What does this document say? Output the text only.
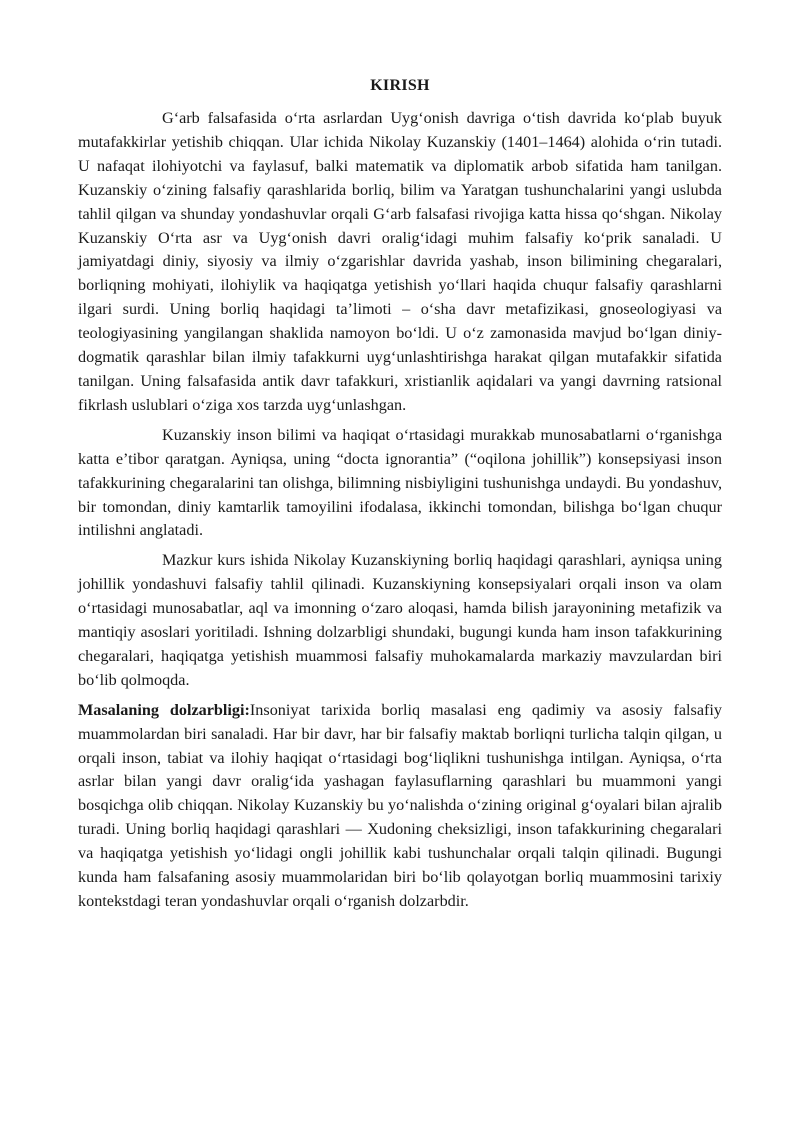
KIRISH

G‘arb falsafasida o‘rta asrlardan Uyg‘onish davriga o‘tish davrida ko‘plab buyuk mutafakkirlar yetishib chiqqan. Ular ichida Nikolay Kuzanskiy (1401–1464) alohida o‘rin tutadi. U nafaqat ilohiyotchi va faylasuf, balki matematik va diplomatik arbob sifatida ham tanilgan. Kuzanskiy o‘zining falsafiy qarashlarida borliq, bilim va Yaratgan tushunchalarini yangi uslubda tahlil qilgan va shunday yondashuvlar orqali G‘arb falsafasi rivojiga katta hissa qo‘shgan. Nikolay Kuzanskiy O‘rta asr va Uyg‘onish davri oralig‘idagi muhim falsafiy ko‘prik sanaladi. U jamiyatdagi diniy, siyosiy va ilmiy o‘zgarishlar davrida yashab, inson bilimining chegaralari, borliqning mohiyati, ilohiylik va haqiqatga yetishish yo‘llari haqida chuqur falsafiy qarashlarni ilgari surdi. Uning borliq haqidagi ta’limoti – o‘sha davr metafizikasi, gnoseologiyasi va teologiyasining yangilangan shaklida namoyon bo‘ldi. U o‘z zamonasida mavjud bo‘lgan diniy-dogmatik qarashlar bilan ilmiy tafakkurni uyg‘unlashtirishga harakat qilgan mutafakkir sifatida tanilgan. Uning falsafasida antik davr tafakkuri, xristianlik aqidalari va yangi davrning ratsional fikrlash uslublari o‘ziga xos tarzda uyg‘unlashgan.

Kuzanskiy inson bilimi va haqiqat o‘rtasidagi murakkab munosabatlarni o‘rganishga katta e’tibor qaratgan. Ayniqsa, uning “docta ignorantia” (“oqilona johillik”) konsepsiyasi inson tafakkurining chegaralarini tan olishga, bilimning nisbiyligini tushunishga undaydi. Bu yondashuv, bir tomondan, diniy kamtarlik tamoyilini ifodalasa, ikkinchi tomondan, bilishga bo‘lgan chuqur intilishni anglatadi.

Mazkur kurs ishida Nikolay Kuzanskiyning borliq haqidagi qarashlari, ayniqsa uning johillik yondashuvi falsafiy tahlil qilinadi. Kuzanskiyning konsepsiyalari orqali inson va olam o‘rtasidagi munosabatlar, aql va imonning o‘zaro aloqasi, hamda bilish jarayonining metafizik va mantiqiy asoslari yoritiladi. Ishning dolzarbligi shundaki, bugungi kunda ham inson tafakkurining chegaralari, haqiqatga yetishish muammosi falsafiy muhokamalarda markaziy mavzulardan biri bo‘lib qolmoqda.

Masalaning dolzarbligi:Insoniyat tarixida borliq masalasi eng qadimiy va asosiy falsafiy muammolardan biri sanaladi. Har bir davr, har bir falsafiy maktab borliqni turlicha talqin qilgan, u orqali inson, tabiat va ilohiy haqiqat o‘rtasidagi bog‘liqlikni tushunishga intilgan. Ayniqsa, o‘rta asrlar bilan yangi davr oralig‘ida yashagan faylasuflarning qarashlari bu muammoni yangi bosqichga olib chiqqan. Nikolay Kuzanskiy bu yo‘nalishda o‘zining original g‘oyalari bilan ajralib turadi. Uning borliq haqidagi qarashlari — Xudoning cheksizligi, inson tafakkurining chegaralari va haqiqatga yetishish yo‘lidagi ongli johillik kabi tushunchalar orqali talqin qilinadi. Bugungi kunda ham falsafaning asosiy muammolaridan biri bo‘lib qolayotgan borliq muammosini tarixiy kontekstdagi teran yondashuvlar orqali o‘rganish dolzarbdir.
